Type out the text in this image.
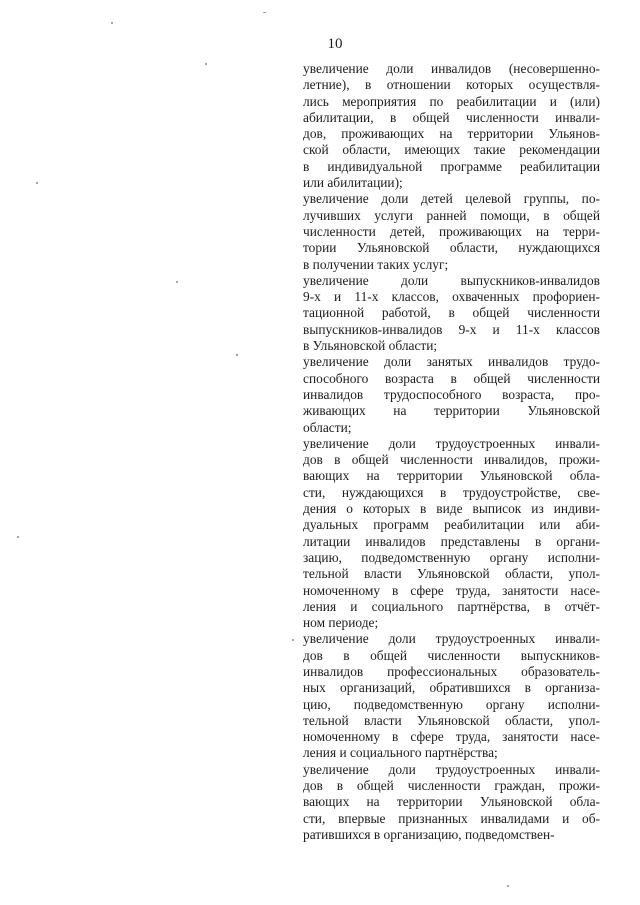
10
увеличение доли инвалидов (несовершенно-
летние), в отношении которых осуществля-
лись мероприятия по реабилитации и (или)
абилитации, в общей численности инвали-
дов, проживающих на территории Ульянов-
ской области, имеющих такие рекомендации
в индивидуальной программе реабилитации
или абилитации);
увеличение доли детей целевой группы, по-
лучивших услуги ранней помощи, в общей
численности детей, проживающих на терри-
тории Ульяновской области, нуждающихся
в получении таких услуг;
увеличение доли выпускников-инвалидов
9-х и 11-х классов, охваченных профориен-
тационной работой, в общей численности
выпускников-инвалидов 9-х и 11-х классов
в Ульяновской области;
увеличение доли занятых инвалидов трудо-
способного возраста в общей численности
инвалидов трудоспособного возраста, про-
живающих на территории Ульяновской
области;
увеличение доли трудоустроенных инвали-
дов в общей численности инвалидов, прожи-
вающих на территории Ульяновской обла-
сти, нуждающихся в трудоустройстве, све-
дения о которых в виде выписок из индиви-
дуальных программ реабилитации или аби-
литации инвалидов представлены в органи-
зацию, подведомственную органу исполни-
тельной власти Ульяновской области, упол-
номоченному в сфере труда, занятости насе-
ления и социального партнёрства, в отчёт-
ном периоде;
увеличение доли трудоустроенных инвали-
дов в общей численности выпускников-
инвалидов профессиональных образователь-
ных организаций, обратившихся в организа-
цию, подведомственную органу исполни-
тельной власти Ульяновской области, упол-
номоченному в сфере труда, занятости насе-
ления и социального партнёрства;
увеличение доли трудоустроенных инвали-
дов в общей численности граждан, прожи-
вающих на территории Ульяновской обла-
сти, впервые признанных инвалидами и об-
ратившихся в организацию, подведомствен-
